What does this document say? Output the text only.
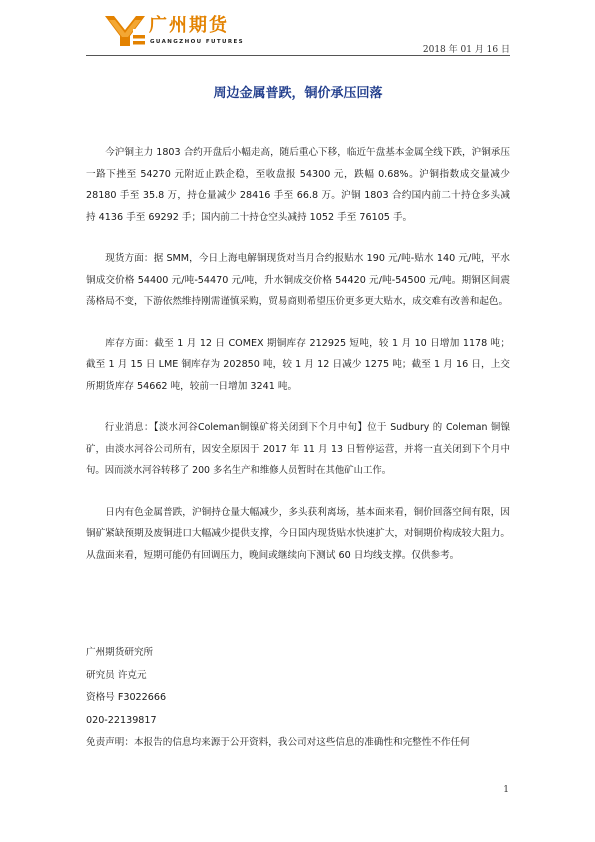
广州期货
GUANGZHOU FUTURES
2018 年 01 月 16 日
周边金属普跌，铜价承压回落

今沪铜主力 1803 合约开盘后小幅走高，随后重心下移，临近午盘基本金属全线下跌，沪铜承压一路下挫至 54270 元附近止跌企稳，至收盘报 54300 元，跌幅 0.68%。沪铜指数成交量减少 28180 手至 35.8 万，持仓量减少 28416 手至 66.8 万。沪铜 1803 合约国内前二十持仓多头减持 4136 手至 69292 手；国内前二十持仓空头减持 1052 手至 76105 手。

现货方面：据 SMM，今日上海电解铜现货对当月合约报贴水 190 元/吨-贴水 140 元/吨，平水铜成交价格 54400 元/吨-54470 元/吨，升水铜成交价格 54420 元/吨-54500 元/吨。期铜区间震荡格局不变，下游依然维持刚需谨慎采购，贸易商则希望压价更多更大贴水，成交难有改善和起色。

库存方面：截至 1 月 12 日 COMEX 期铜库存 212925 短吨，较 1 月 10 日增加 1178 吨；截至 1 月 15 日 LME 铜库存为 202850 吨，较 1 月 12 日减少 1275 吨；截至 1 月 16 日，上交所期货库存 54662 吨，较前一日增加 3241 吨。

行业消息：【淡水河谷Coleman铜镍矿将关闭到下个月中旬】位于 Sudbury 的 Coleman 铜镍矿，由淡水河谷公司所有，因安全原因于 2017 年 11 月 13 日暂停运营，并将一直关闭到下个月中旬。因而淡水河谷转移了 200 多名生产和维修人员暂时在其他矿山工作。

日内有色金属普跌，沪铜持仓量大幅减少，多头获利离场，基本面来看，铜价回落空间有限，因铜矿紧缺预期及废铜进口大幅减少提供支撑，今日国内现货贴水快速扩大，对铜期价构成较大阻力。从盘面来看，短期可能仍有回调压力，晚间或继续向下测试 60 日均线支撑。仅供参考。

广州期货研究所
研究员 许克元
资格号 F3022666
020-22139817
免责声明：本报告的信息均来源于公开资料，我公司对这些信息的准确性和完整性不作任何
1
